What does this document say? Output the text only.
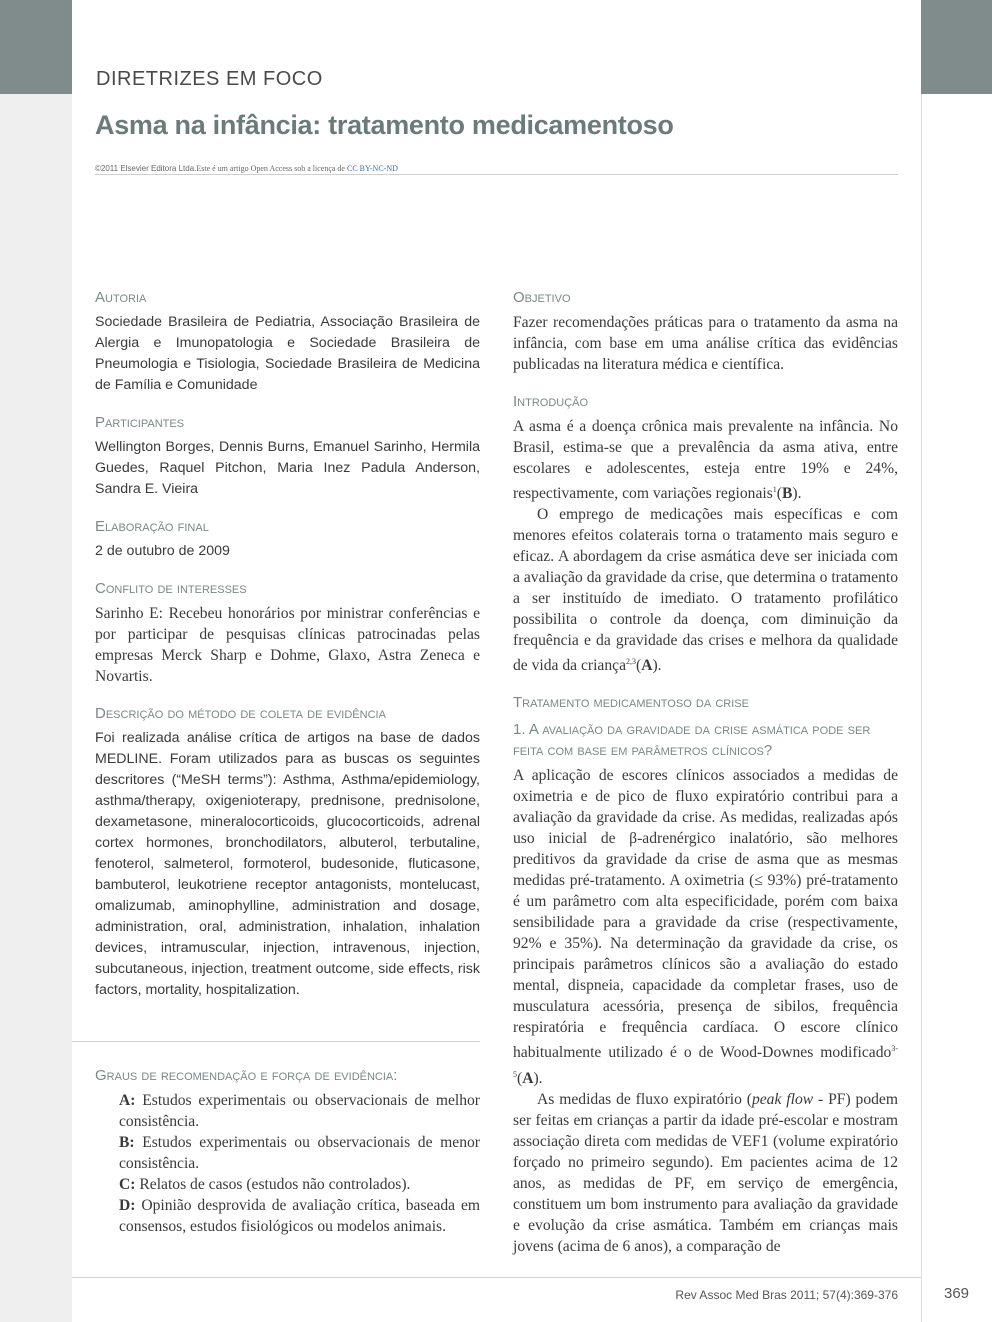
DIRETRIZES EM FOCO
Asma na infância: tratamento medicamentoso
©2011 Elsevier Editora Ltda.Este é um artigo Open Access sob a licença de CC BY-NC-ND
Autoria

Sociedade Brasileira de Pediatria, Associação Brasileira de Alergia e Imunopatologia e Sociedade Brasileira de Pneumologia e Tisiologia, Sociedade Brasileira de Medicina de Família e Comunidade

Participantes

Wellington Borges, Dennis Burns, Emanuel Sarinho, Hermila Guedes, Raquel Pitchon, Maria Inez Padula Anderson, Sandra E. Vieira

Elaboração final

2 de outubro de 2009

Conflito de interesses

Sarinho E: Recebeu honorários por ministrar conferências e por participar de pesquisas clínicas patrocinadas pelas empresas Merck Sharp e Dohme, Glaxo, Astra Zeneca e Novartis.

Descrição do método de coleta de evidência

Foi realizada análise crítica de artigos na base de dados MEDLINE. Foram utilizados para as buscas os seguintes descritores (“MeSH terms”): Asthma, Asthma/epidemiology, asthma/therapy, oxigenioterapy, prednisone, prednisolone, dexametasone, mineralocorticoids, glucocorticoids, adrenal cortex hormones, bronchodilators, albuterol, terbutaline, fenoterol, salmeterol, formoterol, budesonide, fluticasone, bambuterol, leukotriene receptor antagonists, montelucast, omalizumab, aminophylline, administration and dosage, administration, oral, administration, inhalation, inhalation devices, intramuscular, injection, intravenous, injection, subcutaneous, injection, treatment outcome, side effects, risk factors, mortality, hospitalization.

Graus de recomendação e força de evidência:

A: Estudos experimentais ou observacionais de melhor consistência.

B: Estudos experimentais ou observacionais de menor consistência.

C: Relatos de casos (estudos não controlados).

D: Opinião desprovida de avaliação crítica, baseada em consensos, estudos fisiológicos ou modelos animais.

Objetivo

Fazer recomendações práticas para o tratamento da asma na infância, com base em uma análise crítica das evidências publicadas na literatura médica e científica.

Introdução

A asma é a doença crônica mais prevalente na infância. No Brasil, estima-se que a prevalência da asma ativa, entre escolares e adolescentes, esteja entre 19% e 24%, respectivamente, com variações regionais$^1$(B).

O emprego de medicações mais específicas e com menores efeitos colaterais torna o tratamento mais seguro e eficaz. A abordagem da crise asmática deve ser iniciada com a avaliação da gravidade da crise, que determina o tratamento a ser instituído de imediato. O tratamento profilático possibilita o controle da doença, com diminuição da frequência e da gravidade das crises e melhora da qualidade de vida da criança$^{2,3}$(A).

Tratamento medicamentoso da crise
1. A avaliação da gravidade da crise asmática pode ser feita com base em parâmetros clínicos?

A aplicação de escores clínicos associados a medidas de oximetria e de pico de fluxo expiratório contribui para a avaliação da gravidade da crise. As medidas, realizadas após uso inicial de β-adrenérgico inalatório, são melhores preditivos da gravidade da crise de asma que as mesmas medidas pré-tratamento. A oximetria (≤ 93%) pré-tratamento é um parâmetro com alta especificidade, porém com baixa sensibilidade para a gravidade da crise (respectivamente, 92% e 35%). Na determinação da gravidade da crise, os principais parâmetros clínicos são a avaliação do estado mental, dispneia, capacidade da completar frases, uso de musculatura acessória, presença de sibilos, frequência respiratória e frequência cardíaca. O escore clínico habitualmente utilizado é o de Wood-Downes modificado$^{3-5}$(A).

As medidas de fluxo expiratório (peak flow - PF) podem ser feitas em crianças a partir da idade pré-escolar e mostram associação direta com medidas de VEF1 (volume expiratório forçado no primeiro segundo). Em pacientes acima de 12 anos, as medidas de PF, em serviço de emergência, constituem um bom instrumento para avaliação da gravidade e evolução da crise asmática. Também em crianças mais jovens (acima de 6 anos), a comparação de

Rev Assoc Med Bras 2011; 57(4):369-376	369
